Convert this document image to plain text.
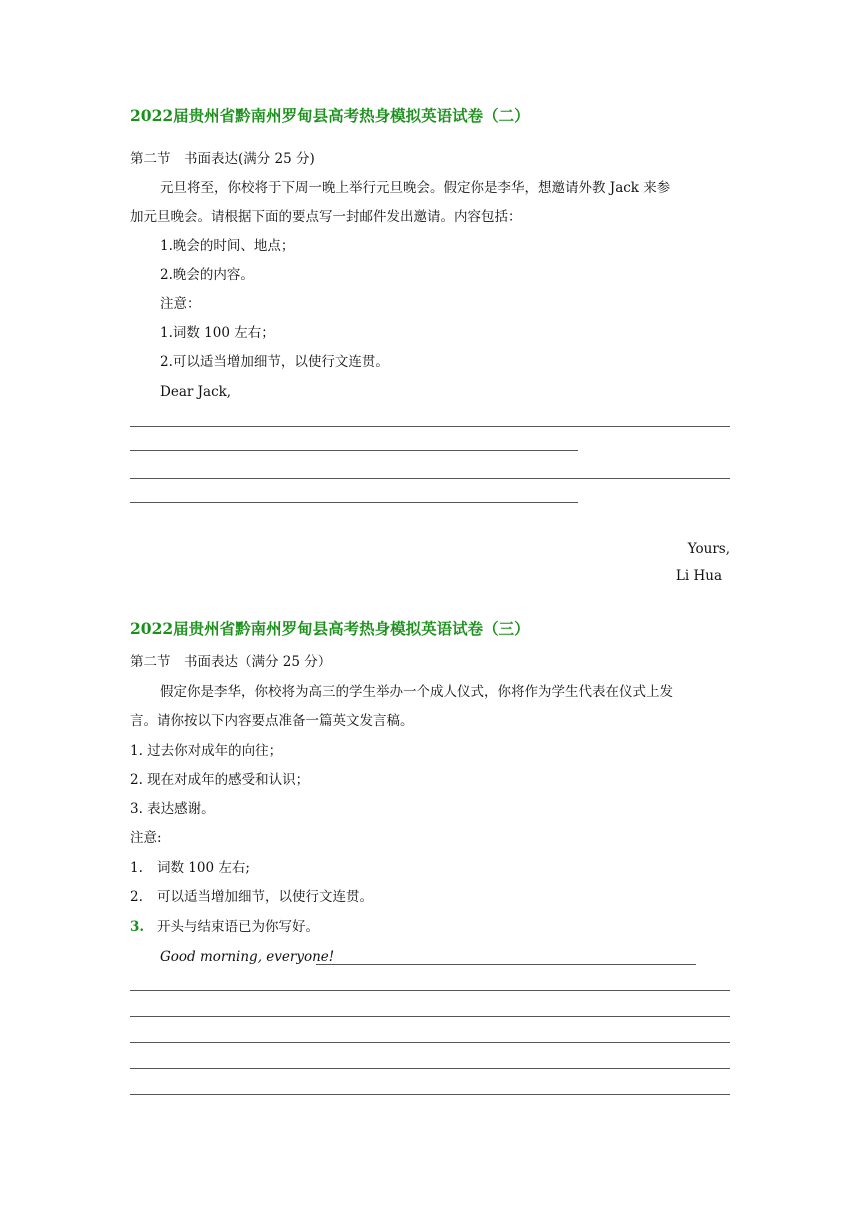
2022届贵州省黔南州罗甸县高考热身模拟英语试卷（二）
第二节　书面表达(满分 25 分)
元旦将至，你校将于下周一晚上举行元旦晚会。假定你是李华，想邀请外教 Jack 来参
加元旦晚会。请根据下面的要点写一封邮件发出邀请。内容包括：
1.晚会的时间、地点；
2.晚会的内容。
注意：
1.词数 100 左右；
2.可以适当增加细节，以使行文连贯。
Dear Jack,
Yours,
Li Hua
2022届贵州省黔南州罗甸县高考热身模拟英语试卷（三）
第二节　书面表达（满分 25 分）
假定你是李华，你校将为高三的学生举办一个成人仪式，你将作为学生代表在仪式上发
言。请你按以下内容要点准备一篇英文发言稿。
1. 过去你对成年的向往；
2. 现在对成年的感受和认识；
3. 表达感谢。
注意:
1. 词数 100 左右;
2. 可以适当增加细节，以使行文连贯。
3. 开头与结束语已为你写好。
Good morning, everyone!
